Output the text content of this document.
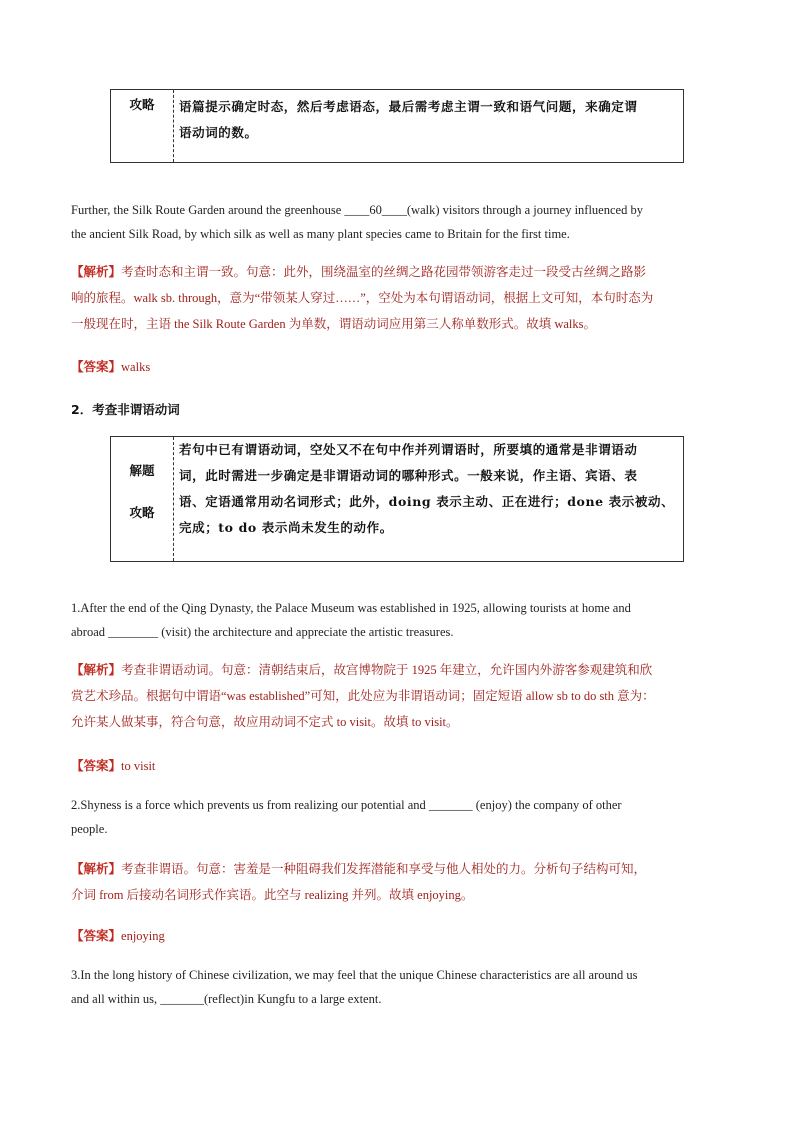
攻略	语篇提示确定时态，然后考虑语态，最后需考虑主谓一致和语气问题，来确定谓
语动词的数。
Further, the Silk Route Garden around the greenhouse ____60____(walk) visitors through a journey influenced by
the ancient Silk Road, by which silk as well as many plant species came to Britain for the first time.
【解析】考查时态和主谓一致。句意：此外，围绕温室的丝绸之路花园带领游客走过一段受古丝绸之路影
响的旅程。walk sb. through，意为“带领某人穿过……”，空处为本句谓语动词，根据上文可知，本句时态为
一般现在时，主语 the Silk Route Garden 为单数，谓语动词应用第三人称单数形式。故填 walks。
【答案】walks
2．考查非谓语动词
解题
攻略
若句中已有谓语动词，空处又不在句中作并列谓语时，所要填的通常是非谓语动
词，此时需进一步确定是非谓语动词的哪种形式。一般来说，作主语、宾语、表
语、定语通常用动名词形式；此外，doing 表示主动、正在进行；done 表示被动、
完成；to do 表示尚未发生的动作。
1.After the end of the Qing Dynasty, the Palace Museum was established in 1925, allowing tourists at home and
abroad ________ (visit) the architecture and appreciate the artistic treasures.
【解析】考查非谓语动词。句意：清朝结束后，故宫博物院于 1925 年建立，允许国内外游客参观建筑和欣
赏艺术珍品。根据句中谓语“was established”可知，此处应为非谓语动词；固定短语 allow sb to do sth 意为：
允许某人做某事，符合句意，故应用动词不定式 to visit。故填 to visit。
【答案】to visit
2.Shyness is a force which prevents us from realizing our potential and _______ (enjoy) the company of other
people.
【解析】考查非谓语。句意：害羞是一种阻碍我们发挥潜能和享受与他人相处的力。分析句子结构可知，
介词 from 后接动名词形式作宾语。此空与 realizing 并列。故填 enjoying。
【答案】enjoying
3.In the long history of Chinese civilization, we may feel that the unique Chinese characteristics are all around us
and all within us, _______(reflect)in Kungfu to a large extent.
